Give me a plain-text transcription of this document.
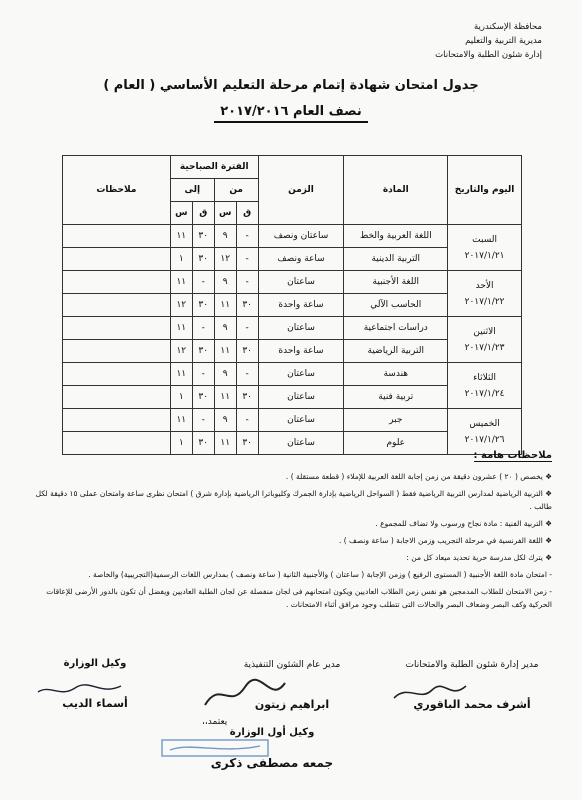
محافظة الإسكندرية
مديرية التربية والتعليم
إدارة شئون الطلبة والامتحانات
جدول امتحان شهادة إتمام مرحلة التعليم الأساسي ( العام )
نصف العام ٢٠١٧/٢٠١٦
اليوم والتاريخ	المادة	الزمن	الفترة الصباحية				ملاحظات
			من		إلى		
			ق	س	ق	س	

السبت
٢٠١٧/١/٢١	اللغة العربية والخط	ساعتان ونصف	-	٩	٣٠	١١	
	التربية الدينية	ساعة ونصف	-	١٢	٣٠	١	

الأحد
٢٠١٧/١/٢٢	اللغة الأجنبية	ساعتان	-	٩	-	١١	
	الحاسب الآلي	ساعة واحدة	٣٠	١١	٣٠	١٢	

الاثنين
٢٠١٧/١/٢٣	دراسات اجتماعية	ساعتان	-	٩	-	١١	
	التربية الرياضية	ساعة واحدة	٣٠	١١	٣٠	١٢	

الثلاثاء
٢٠١٧/١/٢٤	هندسة	ساعتان	-	٩	-	١١	
	تربية فنية	ساعتان	٣٠	١١	٣٠	١	

الخميس
٢٠١٧/١/٢٦	جبر	ساعتان	-	٩	-	١١	
	علوم	ساعتان	٣٠	١١	٣٠	١	
ملاحظات هامة :
❖ يخصص ( ٢٠ ) عشرون دقيقة من زمن إجابة اللغة العربية للإملاء ( قطعة مستقلة ) .
❖ التربية الرياضية لمدارس التربية الرياضية فقط ( السواحل الرياضية بإدارة الجمرك وكليوباترا الرياضية بإدارة شرق ) امتحان نظرى ساعة وامتحان عملى ١٥ دقيقة لكل طالب .
❖ التربية الفنية : مادة نجاح ورسوب ولا تضاف للمجموع .
❖ اللغة الفرنسية في مرحلة التجريب وزمن الاجابة ( ساعة ونصف ) .
❖ يترك لكل مدرسة حرية تحديد ميعاد كل من :
- امتحان مادة اللغة الأجنبية ( المستوى الرفيع ) وزمن الإجابة ( ساعتان ) والأجنبية الثانية ( ساعة ونصف ) بمدارس اللغات الرسمية(التجريبية) والخاصة .
- زمن الامتحان للطلاب المدمجين هو نفس زمن الطلاب العاديين ويكون امتحانهم فى لجان منفصلة عن لجان الطلبة العاديين ويفضل أن تكون بالدور الأرضى للإعاقات الحركية وكف البصر وضعاف البصر والحالات التى تتطلب وجود مرافق أثناء الامتحانات .
مدير إدارة شئون الطلبة والامتحانات
أشرف محمد الباقوري
مدير عام الشئون التنفيذية
ابراهيم زيتون
وكيل الوزارة
أسماء الديب
يعتمد،،
وكيل أول الوزارة
جمعه مصطفى ذكرى
